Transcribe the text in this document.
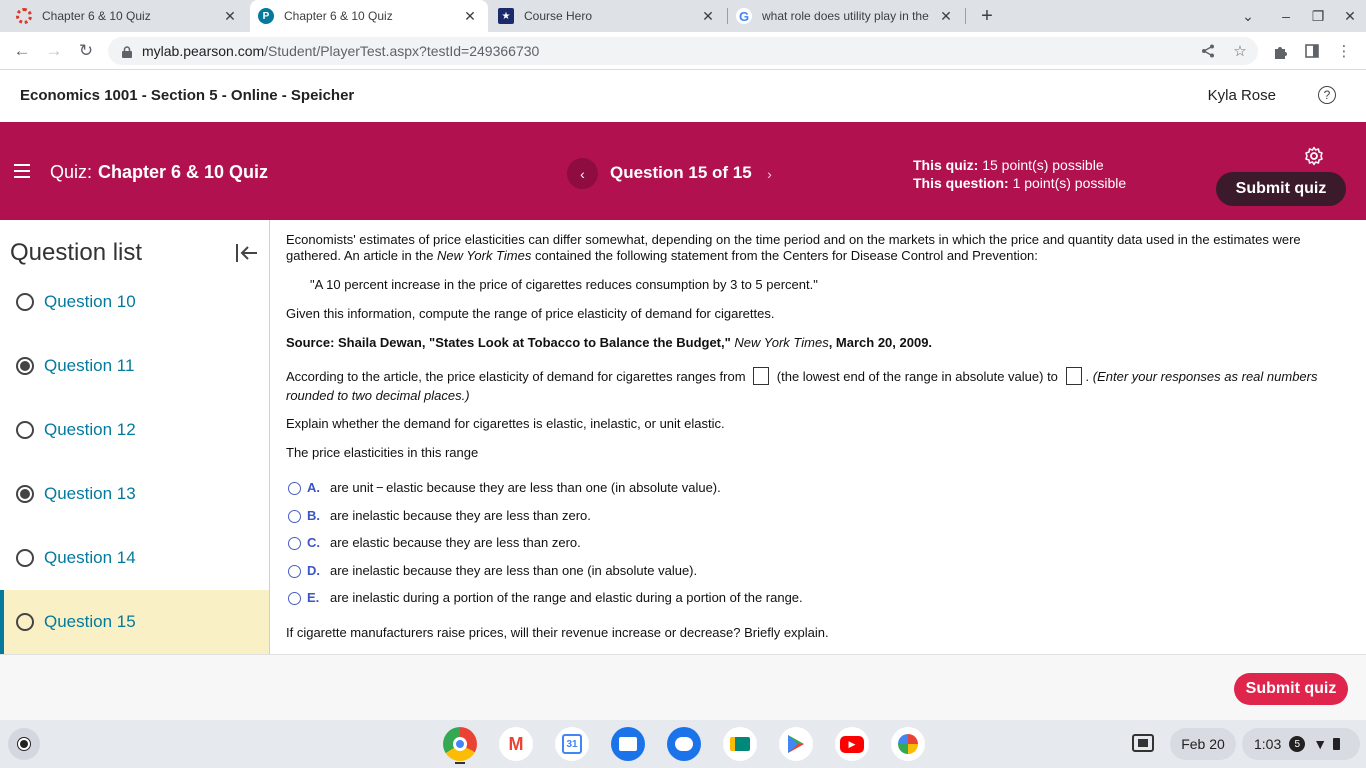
Chapter 6 & 10 Quiz	✕	P	Chapter 6 & 10 Quiz	✕	★ Course Hero	✕ G what role does utility play in the ✕ +	⌄	–	❐ ✕
← → ↻	mylab.pearson.com /Student/PlayerTest.aspx?testId=249366730	☆	⋮
Economics 1001 - Section 5 - Online - Speicher	Kyla Rose	?
Quiz: Chapter 6 & 10 Quiz	‹ Question 15 of 15 ›
This quiz: 15 point(s) possible
This question: 1 point(s) possible	Submit quiz
Question list
Question 10
Question 11
Question 12
Question 13
Question 14
Question 15
Economists' estimates of price elasticities can differ somewhat, depending on the time period and on the markets in which the price and quantity data used in the estimates were gathered. An article in the New York Times contained the following statement from the Centers for Disease Control and Prevention:
"A 10 percent increase in the price of cigarettes reduces consumption by 3 to 5 percent."
Given this information, compute the range of price elasticity of demand for cigarettes.
Source: Shaila Dewan, "States Look at Tobacco to Balance the Budget," New York Times, March 20, 2009.
According to the article, the price elasticity of demand for cigarettes ranges from  (the lowest end of the range in absolute value) to . (Enter your responses as real numbers rounded to two decimal places.)
Explain whether the demand for cigarettes is elastic, inelastic, or unit elastic.
The price elasticities in this range
A. are unit − elastic because they are less than one (in absolute value).
B. are inelastic because they are less than zero.
C. are elastic because they are less than zero.
D. are inelastic because they are less than one (in absolute value).
E. are inelastic during a portion of the range and elastic during a portion of the range.
If cigarette manufacturers raise prices, will their revenue increase or decrease? Briefly explain.
Submit quiz
M	31	▶	Feb 20	1:03	5 ▼
